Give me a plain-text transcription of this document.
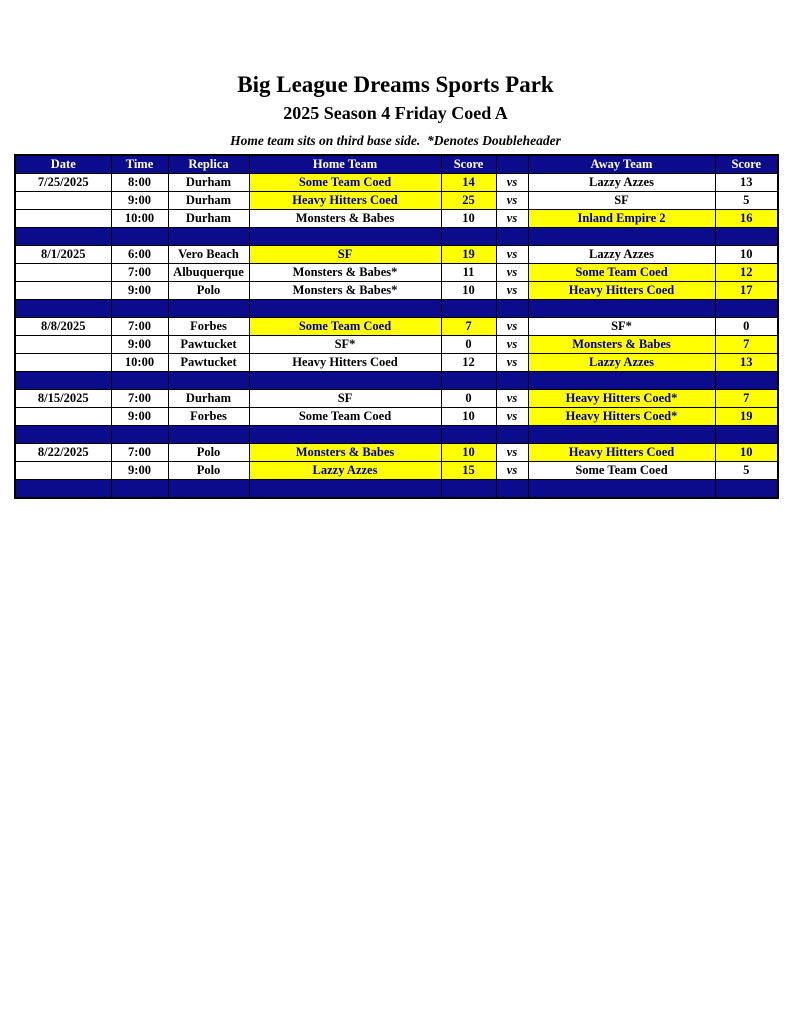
Big League Dreams Sports Park
2025 Season 4 Friday Coed A
Home team sits on third base side.  *Denotes Doubleheader
Date	Time	Replica	Home Team	Score		Away Team	Score
7/25/2025	8:00	Durham	Some Team Coed	14	vs	Lazzy Azzes	13
	9:00	Durham	Heavy Hitters Coed	25	vs	SF	5
	10:00	Durham	Monsters & Babes	10	vs	Inland Empire 2	16

8/1/2025	6:00	Vero Beach	SF	19	vs	Lazzy Azzes	10
	7:00	Albuquerque	Monsters & Babes*	11	vs	Some Team Coed	12
	9:00	Polo	Monsters & Babes*	10	vs	Heavy Hitters Coed	17

8/8/2025	7:00	Forbes	Some Team Coed	7	vs	SF*	0
	9:00	Pawtucket	SF*	0	vs	Monsters & Babes	7
	10:00	Pawtucket	Heavy Hitters Coed	12	vs	Lazzy Azzes	13

8/15/2025	7:00	Durham	SF	0	vs	Heavy Hitters Coed*	7
	9:00	Forbes	Some Team Coed	10	vs	Heavy Hitters Coed*	19

8/22/2025	7:00	Polo	Monsters & Babes	10	vs	Heavy Hitters Coed	10
	9:00	Polo	Lazzy Azzes	15	vs	Some Team Coed	5
